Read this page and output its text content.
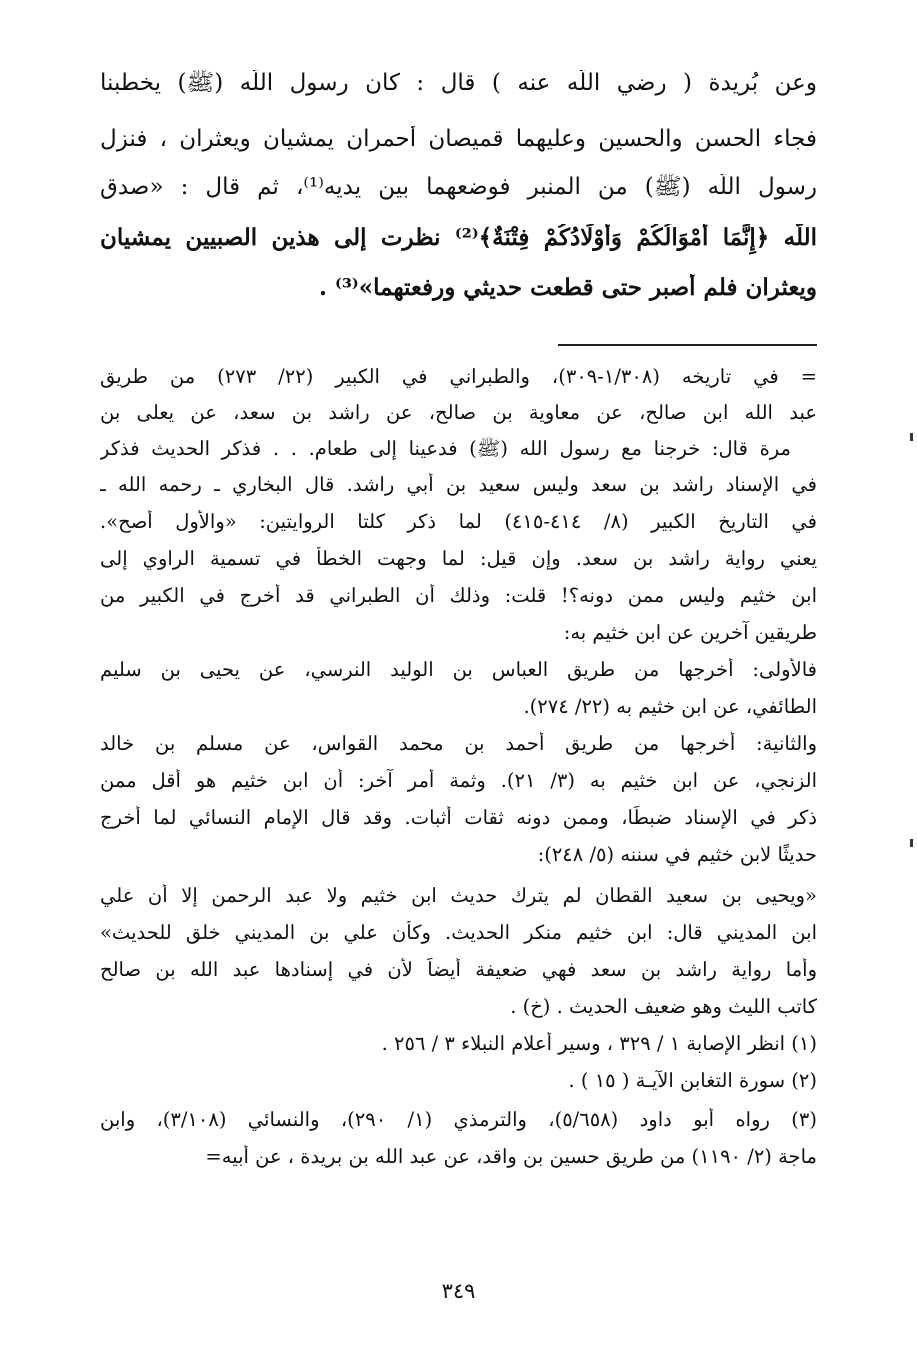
وعن بُريدة ( رضي اللّه عنه ) قال : كان رسول اللّه (ﷺ) يخطبنا
فجاء الحسن والحسين وعليهما قميصان أحمران يمشيان ويعثران ، فنزل
رسول اللّه (ﷺ) من المنبر فوضعهما بين يديه⁽¹⁾، ثم قال : «صدق
اللّه ﴿إِنَّمَا أَمْوَالُكُمْ وَأَوْلَادُكُمْ فِتْنَةٌ﴾⁽²⁾ نظرت إلى هذين الصبيين يمشيان
ويعثران فلم أصبر حتى قطعت حديثي ورفعتهما»⁽³⁾ .
= في تاريخه (١/٣٠٨-٣٠٩)، والطبراني في الكبير (٢٢/ ٢٧٣) من طريق
عبد الله ابن صالح، عن معاوية بن صالح، عن راشد بن سعد، عن يعلى بن
مرة قال: خرجنا مع رسول الله (ﷺ) فدعينا إلى طعام. . . فذكر الحديث فذكر
في الإسناد راشد بن سعد وليس سعيد بن أبي راشد. قال البخاري ـ رحمه الله ـ
في التاريخ الكبير (٨/ ٤١٤-٤١٥) لما ذكر كلتا الروايتين: «والأول أصح».
يعني رواية راشد بن سعد. وإن قيل: لما وجهت الخطأ في تسمية الراوي إلى
ابن خثيم وليس ممن دونه؟! قلت: وذلك أن الطبراني قد أخرج في الكبير من
طريقين آخرين عن ابن خثيم به:
فالأولى: أخرجها من طريق العباس بن الوليد النرسي، عن يحيى بن سليم
الطائفي، عن ابن خثيم به (٢٢/ ٢٧٤).
والثانية: أخرجها من طريق أحمد بن محمد القواس، عن مسلم بن خالد
الزنجي، عن ابن خثيم به (٣/ ٢١). وثمة أمر آخر: أن ابن خثيم هو أقل ممن
ذكر في الإسناد ضبطًا، وممن دونه ثقات أثبات. وقد قال الإمام النسائي لما أخرج
حديثًا لابن خثيم في سننه (٥/ ٢٤٨):
«ويحيى بن سعيد القطان لم يترك حديث ابن خثيم ولا عبد الرحمن إلا أن علي
ابن المديني قال: ابن خثيم منكر الحديث. وكأن علي بن المديني خلق للحديث»
وأما رواية راشد بن سعد فهي ضعيفة أيضاً لأن في إسنادها عبد الله بن صالح
كاتب الليث وهو ضعيف الحديث . (خ) .
(١) انظر الإصابة ١ / ٣٢٩ ، وسير أعلام النبلاء ٣ / ٢٥٦ .
(٢) سورة التغابن الآيـة ( ١٥ ) .
(٣) رواه أبو داود (٥/٦٥٨)، والترمذي (١/ ٢٩٠)، والنسائي (٣/١٠٨)، وابن
ماجة (٢/ ١١٩٠) من طريق حسين بن واقد، عن عبد الله بن بريدة ، عن أبيه=
٣٤٩
